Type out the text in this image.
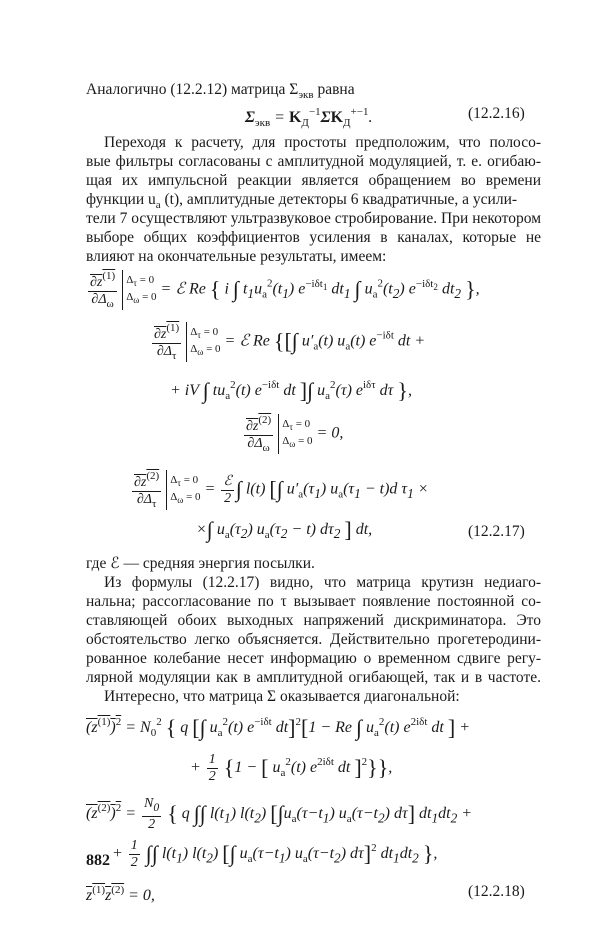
Аналогично (12.2.12) матрица $\Sigma_{экв}$ равна
$\Sigma_{экв} = K_Д^{-1}\Sigma K_Д^{+-1}$.	(12.2.16)
Переходя к расчету, для простоты предположим, что полосо-
вые фильтры согласованы с амплитудной модуляцией, т. е. огибаю-
щая их импульсной реакции является обращением во времени
функции $u_а$ (t), амплитудные детекторы 6 квадратичные, а усили-
тели 7 осуществляют ультразвуковое стробирование. При некотором
выборе общих коэффициентов усиления в каналах, которые не
влияют на окончательные результаты, имеем:
$\frac{\partial z^{(1)}}{\partial\Delta_\omega} \Delta_\tau = 0$
$\Delta_\omega = 0$ = ℰ Re { i ∫ $t_1u_а^2(t_1)$ $e^{-i\delta t_1}$ $dt_1$ ∫ $u_а^2(t_2)$ $e^{-i\delta t_2}$ $dt_2$ },
$\frac{\partial z^{(1)}}{\partial\Delta_\tau} \Delta_\tau = 0$
$\Delta_\omega = 0$ = ℰ Re {[∫ $u'_а(t)$ $u_а(t)$ $e^{-i\delta t}$ dt +
+ iV ∫ $tu_а^2(t)$ $e^{-i\delta t}$ dt ]∫ $u_а^2(\tau)$ $e^{i\delta\tau}$ dτ },
$\frac{\partial z^{(2)}}{\partial\Delta_\omega} \Delta_\tau = 0$
$\Delta_\omega = 0 = 0$,
$\frac{\partial z^{(2)}}{\partial\Delta_\tau} \Delta_\tau = 0$
$\Delta_\omega = 0 = \frac{\text{ℰ}}{2}$ ∫ l(t) [∫ $u'_а(\tau_1) u_а(\tau_1 - t)d$ $\tau_1$ ×
×∫ $u_а(\tau_2) u_а(\tau_2 - t)$ $d\tau_2$ ] dt,	(12.2.17)
где ℰ — средняя энергия посылки.
Из формулы (12.2.17) видно, что матрица крутизн недиаго-
нальна; рассогласование по τ вызывает появление постоянной со-
ставляющей обоих выходных напряжений дискриминатора. Это
обстоятельство легко объясняется. Действительно прогетеродини-
рованное колебание несет информацию о временном сдвиге регу-
лярной модуляции как в амплитудной огибающей, так и в частоте.
Интересно, что матрица Σ оказывается диагональной:
$(z^{(1)})^2 = N_0^2$ { q [∫ $u_а^2(t)$ $e^{-i\delta t}$ dt]$^2$[1 − Re ∫ $u_а^2(t)$ $e^{2i\delta t}$ dt ] +
+ $\frac{1}{2} \{1$ − [ $u_а^2(t)$ $e^{2i\delta t}$ dt ]$^2$}},
$(z^{(2)})^2 = \frac{N_0}{2}$ { q ∫∫ $l(t_1)$ $l(t_2)$ [$\int u_а(\tau-t_1)$ $u_а(\tau-t_2)$ dτ] $dt_1dt_2$ +
+ $\frac{1}{2}$ ∫∫ $l(t_1)$ $l(t_2)$ [∫ $u_а(\tau-t_1)$ $u_а(\tau-t_2)$ dτ]$^2$ $dt_1dt_2$ },
$z^{(1)}z^{(2)} = 0$,	(12.2.18)
882
